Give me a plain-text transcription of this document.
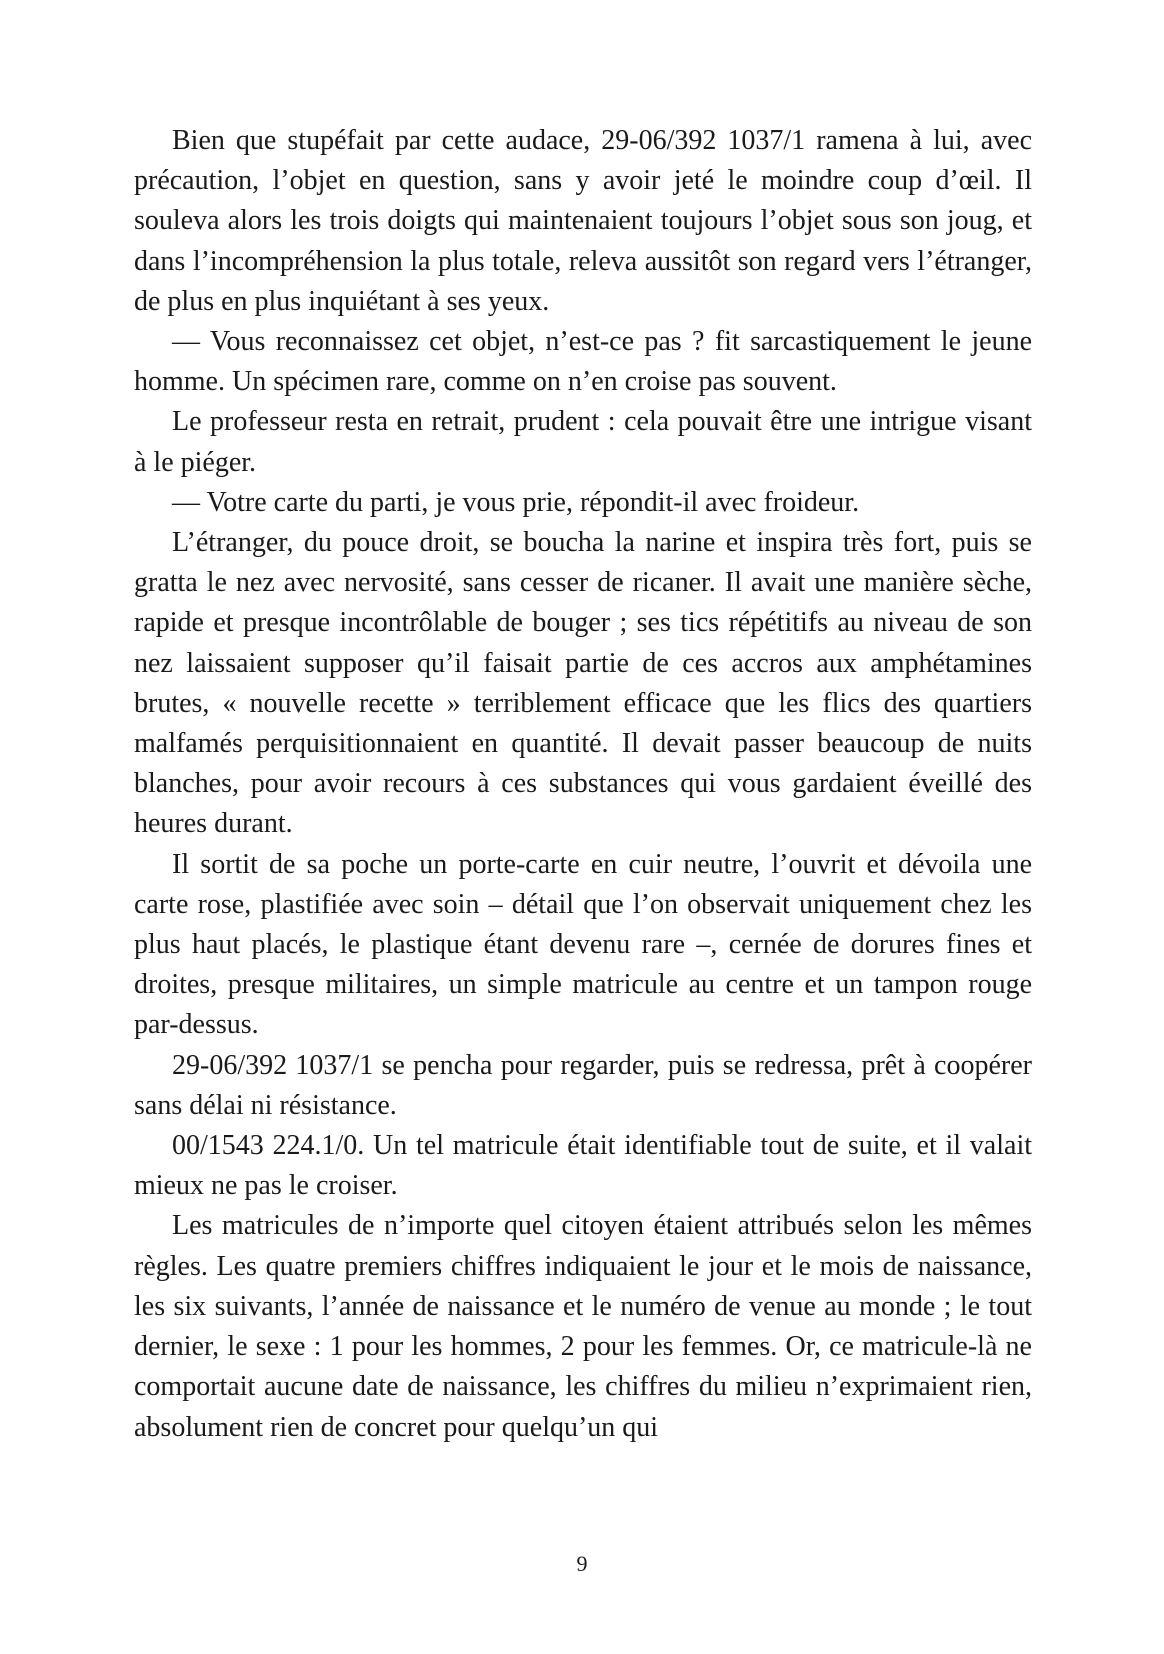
Bien que stupéfait par cette audace, 29-06/392 1037/1 ramena à lui, avec précaution, l’objet en question, sans y avoir jeté le moindre coup d’œil. Il souleva alors les trois doigts qui maintenaient toujours l’objet sous son joug, et dans l’incompréhension la plus totale, releva aussitôt son regard vers l’étranger, de plus en plus inquiétant à ses yeux.

— Vous reconnaissez cet objet, n’est-ce pas ? fit sarcastiquement le jeune homme. Un spécimen rare, comme on n’en croise pas souvent.

Le professeur resta en retrait, prudent : cela pouvait être une intrigue visant à le piéger.

— Votre carte du parti, je vous prie, répondit-il avec froideur.

L’étranger, du pouce droit, se boucha la narine et inspira très fort, puis se gratta le nez avec nervosité, sans cesser de ricaner. Il avait une manière sèche, rapide et presque incontrôlable de bouger ; ses tics répétitifs au niveau de son nez laissaient supposer qu’il faisait partie de ces accros aux amphétamines brutes, « nouvelle recette » terriblement efficace que les flics des quartiers malfamés perquisitionnaient en quantité. Il devait passer beaucoup de nuits blanches, pour avoir recours à ces substances qui vous gardaient éveillé des heures durant.

Il sortit de sa poche un porte-carte en cuir neutre, l’ouvrit et dévoila une carte rose, plastifiée avec soin – détail que l’on observait uniquement chez les plus haut placés, le plastique étant devenu rare –, cernée de dorures fines et droites, presque militaires, un simple matricule au centre et un tampon rouge par-dessus.

29-06/392 1037/1 se pencha pour regarder, puis se redressa, prêt à coopérer sans délai ni résistance.

00/1543 224.1/0. Un tel matricule était identifiable tout de suite, et il valait mieux ne pas le croiser.

Les matricules de n’importe quel citoyen étaient attribués selon les mêmes règles. Les quatre premiers chiffres indiquaient le jour et le mois de naissance, les six suivants, l’année de naissance et le numéro de venue au monde ; le tout dernier, le sexe : 1 pour les hommes, 2 pour les femmes. Or, ce matricule-là ne comportait aucune date de naissance, les chiffres du milieu n’exprimaient rien, absolument rien de concret pour quelqu’un qui

9
